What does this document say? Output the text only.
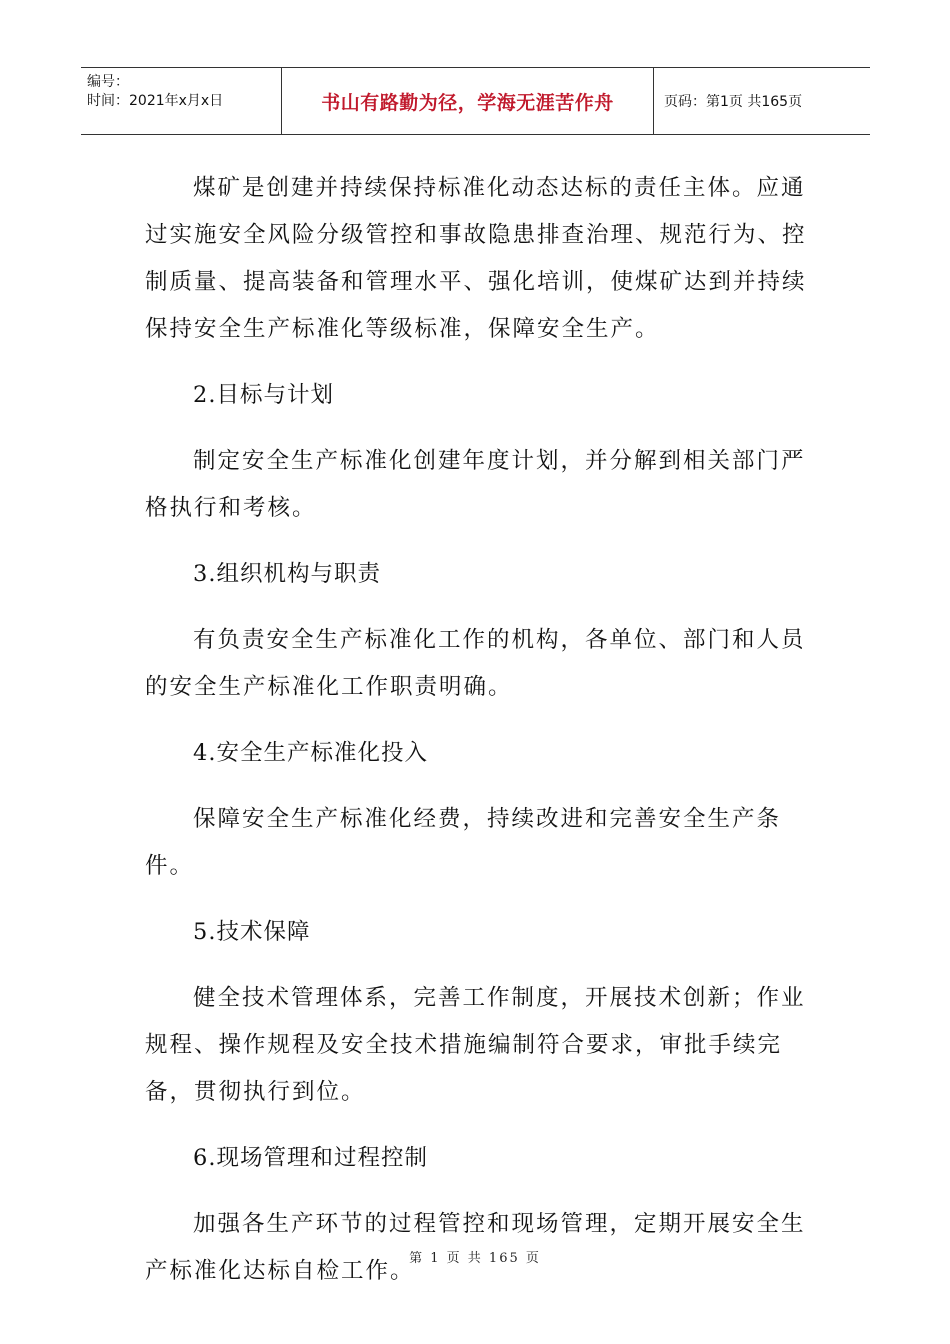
编号：
时间：2021年x月x日	书山有路勤为径，学海无涯苦作舟	页码：第1页 共165页

煤矿是创建并持续保持标准化动态达标的责任主体。应通过实施安全风险分级管控和事故隐患排查治理、规范行为、控制质量、提高装备和管理水平、强化培训，使煤矿达到并持续保持安全生产标准化等级标准，保障安全生产。

2.目标与计划

制定安全生产标准化创建年度计划，并分解到相关部门严格执行和考核。

3.组织机构与职责

有负责安全生产标准化工作的机构，各单位、部门和人员的安全生产标准化工作职责明确。

4.安全生产标准化投入

保障安全生产标准化经费，持续改进和完善安全生产条件。

5.技术保障

健全技术管理体系，完善工作制度，开展技术创新；作业规程、操作规程及安全技术措施编制符合要求，审批手续完备，贯彻执行到位。

6.现场管理和过程控制

加强各生产环节的过程管控和现场管理，定期开展安全生产标准化达标自检工作。

第 1 页 共 165 页
